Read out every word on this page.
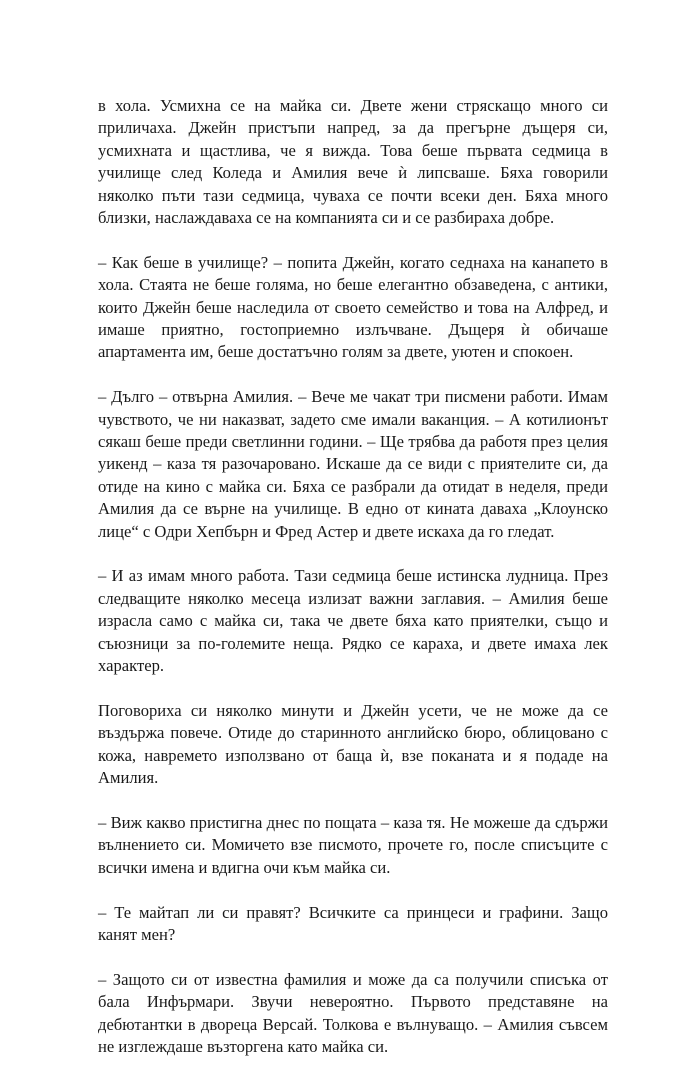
в хола. Усмихна се на майка си. Двете жени стряскащо много си приличаха. Джейн пристъпи напред, за да прегърне дъщеря си, усмихната и щастлива, че я вижда. Това беше първата седмица в училище след Коледа и Амилия вече ѝ липсваше. Бяха говорили няколко пъти тази седмица, чуваха се почти всеки ден. Бяха много близки, наслаждаваха се на компанията си и се разбираха добре.

– Как беше в училище? – попита Джейн, когато седнаха на канапето в хола. Стаята не беше голяма, но беше елегантно обзаведена, с антики, които Джейн беше наследила от своето семейство и това на Алфред, и имаше приятно, гостоприемно излъчване. Дъщеря ѝ обичаше апартамента им, беше достатъчно голям за двете, уютен и спокоен.

– Дълго – отвърна Амилия. – Вече ме чакат три писмени работи. Имам чувството, че ни наказват, задето сме имали ваканция. – А котилионът сякаш беше преди светлинни години. – Ще трябва да работя през целия уикенд – каза тя разочаровано. Искаше да се види с приятелите си, да отиде на кино с майка си. Бяха се разбрали да отидат в неделя, преди Амилия да се върне на училище. В едно от кината даваха „Клоунско лице“ с Одри Хепбърн и Фред Астер и двете искаха да го гледат.

– И аз имам много работа. Тази седмица беше истинска лудница. През следващите няколко месеца излизат важни заглавия. – Амилия беше израсла само с майка си, така че двете бяха като приятелки, също и съюзници за по-големите неща. Рядко се караха, и двете имаха лек характер.

Поговориха си няколко минути и Джейн усети, че не може да се въздържа повече. Отиде до старинното английско бюро, облицовано с кожа, навремето използвано от баща ѝ, взе поканата и я подаде на Амилия.

– Виж какво пристигна днес по пощата – каза тя. Не можеше да сдържи вълнението си. Момичето взе писмото, прочете го, после списъците с всички имена и вдигна очи към майка си.

– Те майтап ли си правят? Всичките са принцеси и графини. Защо канят мен?

– Защото си от известна фамилия и може да са получили списъка от бала Инфърмари. Звучи невероятно. Първото представяне на дебютантки в двореца Версай. Толкова е вълнуващо. – Амилия съвсем не изглеждаше възторгена като майка си.
